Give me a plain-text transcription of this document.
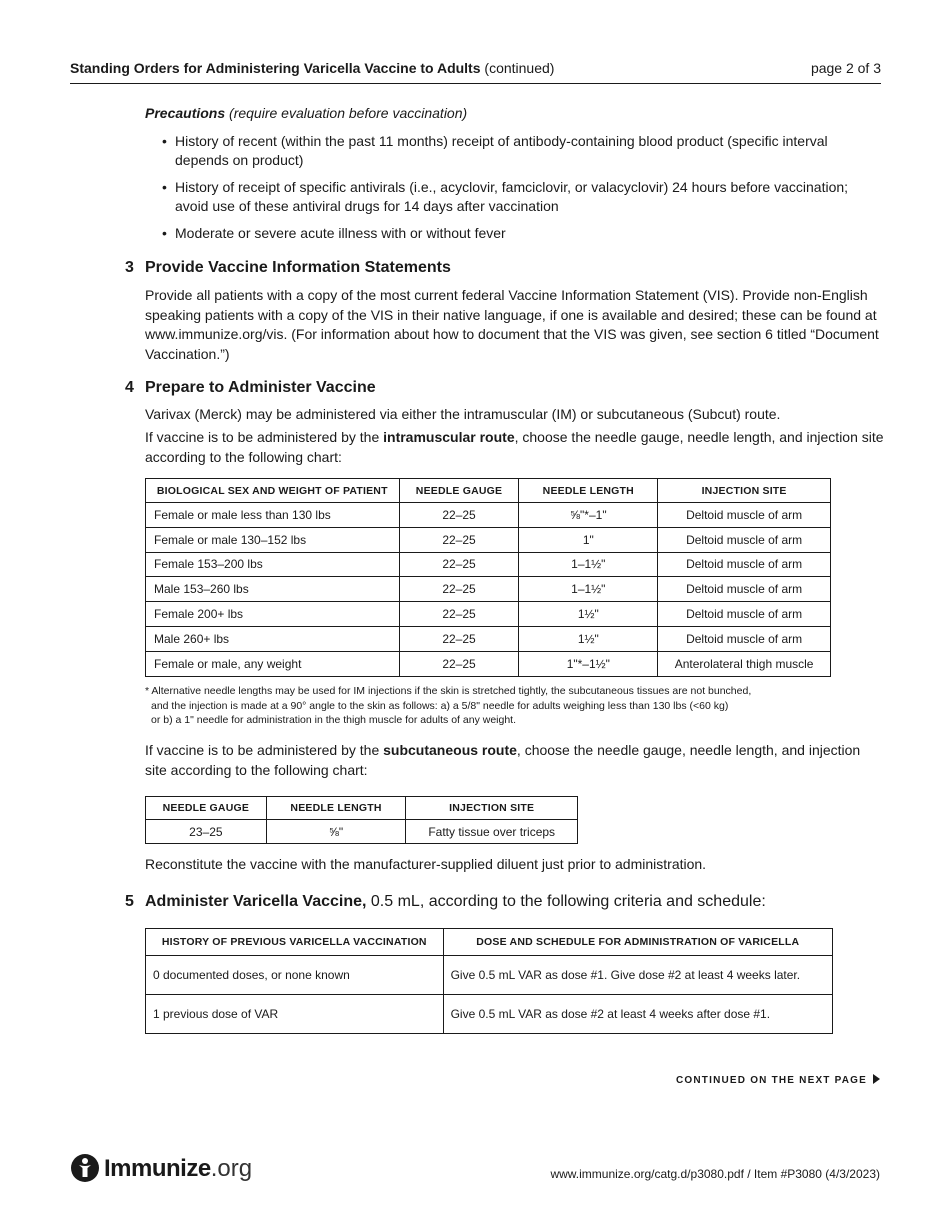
Standing Orders for Administering Varicella Vaccine to Adults (continued)	page 2 of 3
Precautions (require evaluation before vaccination)
• History of recent (within the past 11 months) receipt of antibody-containing blood product (specific interval depends on product)
• History of receipt of specific antivirals (i.e., acyclovir, famciclovir, or valacyclovir) 24 hours before vaccination; avoid use of these antiviral drugs for 14 days after vaccination
• Moderate or severe acute illness with or without fever
3 Provide Vaccine Information Statements
Provide all patients with a copy of the most current federal Vaccine Information Statement (VIS). Provide non-English speaking patients with a copy of the VIS in their native language, if one is available and desired; these can be found at www.immunize.org/vis. (For information about how to document that the VIS was given, see section 6 titled “Document Vaccination.”)
4 Prepare to Administer Vaccine
Varivax (Merck) may be administered via either the intramuscular (IM) or subcutaneous (Subcut) route.
If vaccine is to be administered by the intramuscular route, choose the needle gauge, needle length, and injection site according to the following chart:
BIOLOGICAL SEX AND WEIGHT OF PATIENT	NEEDLE GAUGE	NEEDLE LENGTH	INJECTION SITE
Female or male less than 130 lbs	22–25	⅝"*–1"	Deltoid muscle of arm
Female or male 130–152 lbs	22–25	1"	Deltoid muscle of arm
Female 153–200 lbs	22–25	1–1½"	Deltoid muscle of arm
Male 153–260 lbs	22–25	1–1½"	Deltoid muscle of arm
Female 200+ lbs	22–25	1½"	Deltoid muscle of arm
Male 260+ lbs	22–25	1½"	Deltoid muscle of arm
Female or male, any weight	22–25	1"*–1½"	Anterolateral thigh muscle
* Alternative needle lengths may be used for IM injections if the skin is stretched tightly, the subcutaneous tissues are not bunched,
and the injection is made at a 90° angle to the skin as follows: a) a 5/8" needle for adults weighing less than 130 lbs (<60 kg)
or b) a 1" needle for administration in the thigh muscle for adults of any weight.
If vaccine is to be administered by the subcutaneous route, choose the needle gauge, needle length, and injection site according to the following chart:
NEEDLE GAUGE	NEEDLE LENGTH	INJECTION SITE
23–25	⅝"	Fatty tissue over triceps
Reconstitute the vaccine with the manufacturer-supplied diluent just prior to administration.
5 Administer Varicella Vaccine, 0.5 mL, according to the following criteria and schedule:
HISTORY OF PREVIOUS VARICELLA VACCINATION	DOSE AND SCHEDULE FOR ADMINISTRATION OF VARICELLA
0 documented doses, or none known	Give 0.5 mL VAR as dose #1. Give dose #2 at least 4 weeks later.
1 previous dose of VAR	Give 0.5 mL VAR as dose #2 at least 4 weeks after dose #1.
CONTINUED ON THE NEXT PAGE
Immunize.org	www.immunize.org/catg.d/p3080.pdf / Item #P3080 (4/3/2023)
